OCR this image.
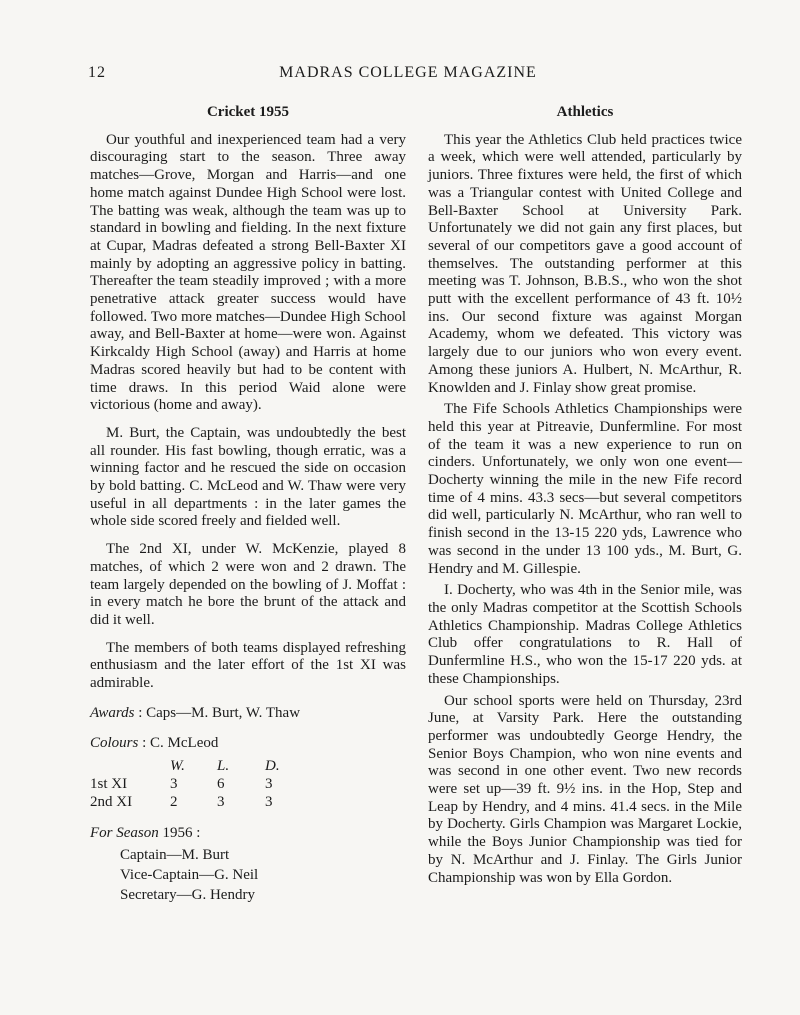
12	MADRAS COLLEGE MAGAZINE
Cricket 1955

Our youthful and inexperienced team had a very discouraging start to the season. Three away matches—Grove, Morgan and Harris—and one home match against Dundee High School were lost. The batting was weak, although the team was up to standard in bowling and fielding. In the next fixture at Cupar, Madras defeated a strong Bell-Baxter XI mainly by adopting an aggressive policy in batting. Thereafter the team steadily improved ; with a more penetrative attack greater success would have followed. Two more matches—Dundee High School away, and Bell-Baxter at home—were won. Against Kirkcaldy High School (away) and Harris at home Madras scored heavily but had to be content with time draws. In this period Waid alone were victorious (home and away).

M. Burt, the Captain, was undoubtedly the best all rounder. His fast bowling, though erratic, was a winning factor and he rescued the side on occasion by bold batting. C. McLeod and W. Thaw were very useful in all departments : in the later games the whole side scored freely and fielded well.

The 2nd XI, under W. McKenzie, played 8 matches, of which 2 were won and 2 drawn. The team largely depended on the bowling of J. Moffat : in every match he bore the brunt of the attack and did it well.

The members of both teams displayed refreshing enthusiasm and the later effort of the 1st XI was admirable.

Awards : Caps—M. Burt, W. Thaw
Colours : C. McLeod
	W.	L.	D.
1st XI	3	6	3
2nd XI	2	3	3
For Season 1956 :
Captain—M. Burt
Vice-Captain—G. Neil
Secretary—G. Hendry
Athletics

This year the Athletics Club held practices twice a week, which were well attended, particularly by juniors. Three fixtures were held, the first of which was a Triangular contest with United College and Bell-Baxter School at University Park. Unfortunately we did not gain any first places, but several of our competitors gave a good account of themselves. The outstanding performer at this meeting was T. Johnson, B.B.S., who won the shot putt with the excellent performance of 43 ft. 10½ ins. Our second fixture was against Morgan Academy, whom we defeated. This victory was largely due to our juniors who won every event. Among these juniors A. Hulbert, N. McArthur, R. Knowlden and J. Finlay show great promise.

The Fife Schools Athletics Championships were held this year at Pitreavie, Dunfermline. For most of the team it was a new experience to run on cinders. Unfortunately, we only won one event—Docherty winning the mile in the new Fife record time of 4 mins. 43.3 secs—but several competitors did well, particularly N. McArthur, who ran well to finish second in the 13-15 220 yds, Lawrence who was second in the under 13 100 yds., M. Burt, G. Hendry and M. Gillespie.

I. Docherty, who was 4th in the Senior mile, was the only Madras competitor at the Scottish Schools Athletics Championship. Madras College Athletics Club offer congratulations to R. Hall of Dunfermline H.S., who won the 15-17 220 yds. at these Championships.

Our school sports were held on Thursday, 23rd June, at Varsity Park. Here the outstanding performer was undoubtedly George Hendry, the Senior Boys Champion, who won nine events and was second in one other event. Two new records were set up—39 ft. 9½ ins. in the Hop, Step and Leap by Hendry, and 4 mins. 41.4 secs. in the Mile by Docherty. Girls Champion was Margaret Lockie, while the Boys Junior Championship was tied for by N. McArthur and J. Finlay. The Girls Junior Championship was won by Ella Gordon.
